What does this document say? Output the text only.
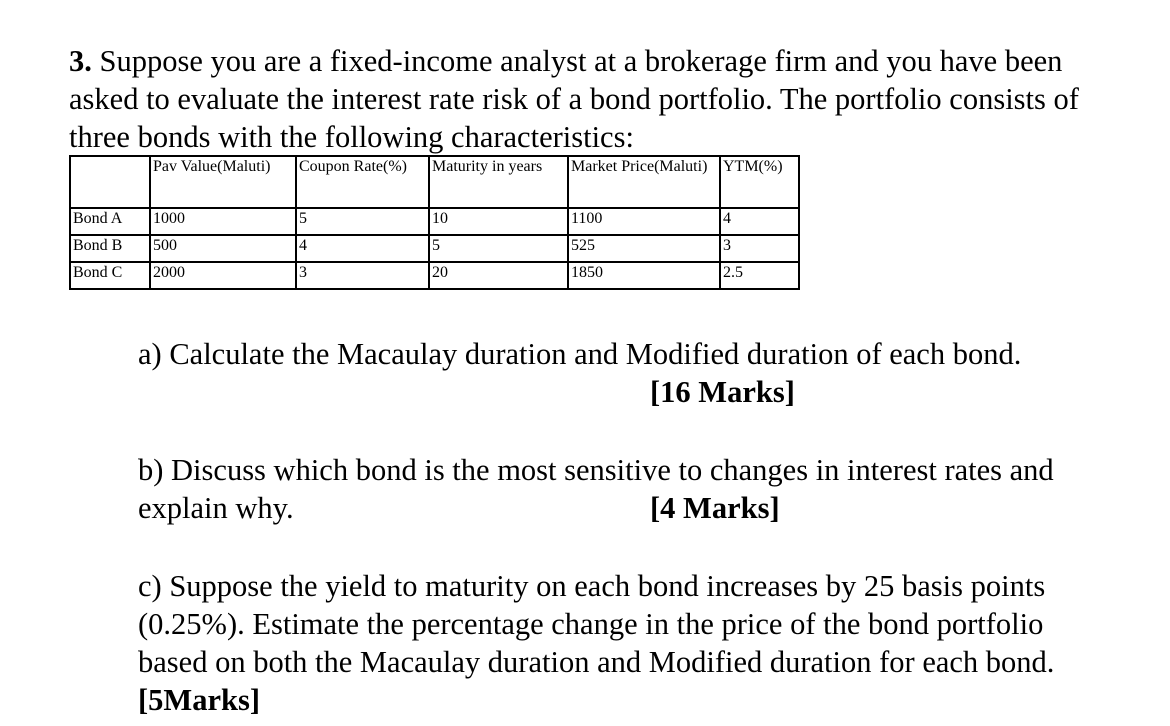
3. Suppose you are a fixed-income analyst at a brokerage firm and you have been asked to evaluate the interest rate risk of a bond portfolio. The portfolio consists of three bonds with the following characteristics:
	Pav Value(Maluti)	Coupon Rate(%)	Maturity in years	Market Price(Maluti)	YTM(%)
Bond A	1000	5	10	1100	4
Bond B	500	4	5	525	3
Bond C	2000	3	20	1850	2.5
a) Calculate the Macaulay duration and Modified duration of each bond.
[16 Marks]
b) Discuss which bond is the most sensitive to changes in interest rates and explain why.	[4 Marks]
c) Suppose the yield to maturity on each bond increases by 25 basis points (0.25%). Estimate the percentage change in the price of the bond portfolio based on both the Macaulay duration and Modified duration for each bond. [5Marks]
